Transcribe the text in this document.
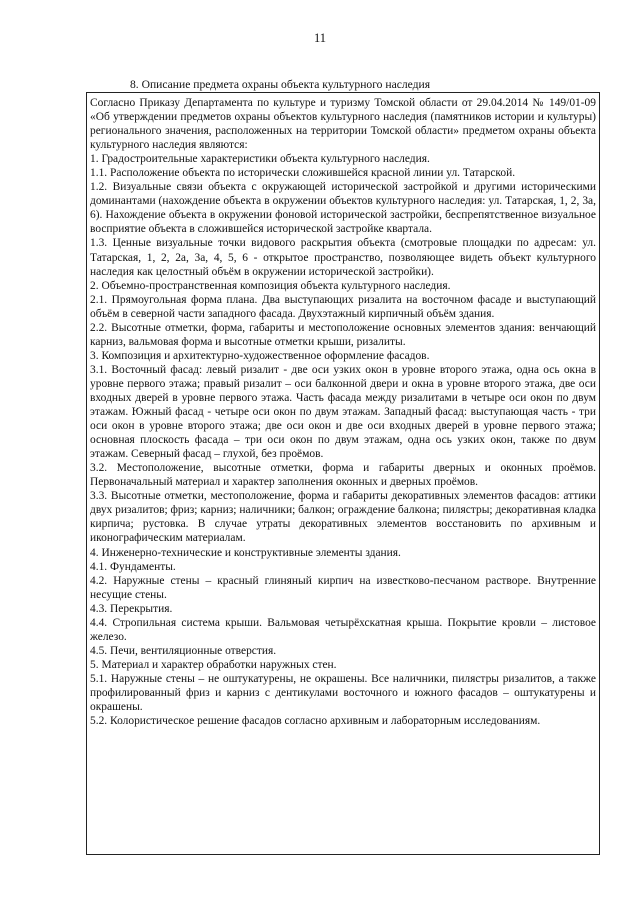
11
8. Описание предмета охраны объекта культурного наследия

Согласно Приказу Департамента по культуре и туризму Томской области от 29.04.2014 № 149/01-09 «Об утверждении предметов охраны объектов культурного наследия (памятников истории и культуры) регионального значения, расположенных на территории Томской области» предметом охраны объекта культурного наследия являются:

1. Градостроительные характеристики объекта культурного наследия.

1.1. Расположение объекта по исторически сложившейся красной линии ул. Татарской.

1.2. Визуальные связи объекта с окружающей исторической застройкой и другими историческими доминантами (нахождение объекта в окружении объектов культурного наследия: ул. Татарская, 1, 2, 3а, 6). Нахождение объекта в окружении фоновой исторической застройки, беспрепятственное визуальное восприятие объекта в сложившейся исторической застройке квартала.

1.3. Ценные визуальные точки видового раскрытия объекта (смотровые площадки по адресам: ул. Татарская, 1, 2, 2а, 3а, 4, 5, 6 - открытое пространство, позволяющее видеть объект культурного наследия как целостный объём в окружении исторической застройки).

2. Объемно-пространственная композиция объекта культурного наследия.

2.1. Прямоугольная форма плана. Два выступающих ризалита на восточном фасаде и выступающий объём в северной части западного фасада. Двухэтажный кирпичный объём здания.

2.2. Высотные отметки, форма, габариты и местоположение основных элементов здания: венчающий карниз, вальмовая форма и высотные отметки крыши, ризалиты.

3. Композиция и архитектурно-художественное оформление фасадов.

3.1. Восточный фасад: левый ризалит - две оси узких окон в уровне второго этажа, одна ось окна в уровне первого этажа; правый ризалит – оси балконной двери и окна в уровне второго этажа, две оси входных дверей в уровне первого этажа. Часть фасада между ризалитами в четыре оси окон по двум этажам. Южный фасад - четыре оси окон по двум этажам. Западный фасад: выступающая часть - три оси окон в уровне второго этажа; две оси окон и две оси входных дверей в уровне первого этажа; основная плоскость фасада – три оси окон по двум этажам, одна ось узких окон, также по двум этажам. Северный фасад – глухой, без проёмов.

3.2. Местоположение, высотные отметки, форма и габариты дверных и оконных проёмов. Первоначальный материал и характер заполнения оконных и дверных проёмов.

3.3. Высотные отметки, местоположение, форма и габариты декоративных элементов фасадов: аттики двух ризалитов; фриз; карниз; наличники; балкон; ограждение балкона; пилястры; декоративная кладка кирпича; рустовка. В случае утраты декоративных элементов восстановить по архивным и иконографическим материалам.

4. Инженерно-технические и конструктивные элементы здания.

4.1. Фундаменты.

4.2. Наружные стены – красный глиняный кирпич на известково-песчаном растворе. Внутренние несущие стены.

4.3. Перекрытия.

4.4. Стропильная система крыши. Вальмовая четырёхскатная крыша. Покрытие кровли – листовое железо.

4.5. Печи, вентиляционные отверстия.

5. Материал и характер обработки наружных стен.

5.1. Наружные стены – не оштукатурены, не окрашены. Все наличники, пилястры ризалитов, а также профилированный фриз и карниз с дентикулами восточного и южного фасадов – оштукатурены и окрашены.

5.2. Колористическое решение фасадов согласно архивным и лабораторным исследованиям.
